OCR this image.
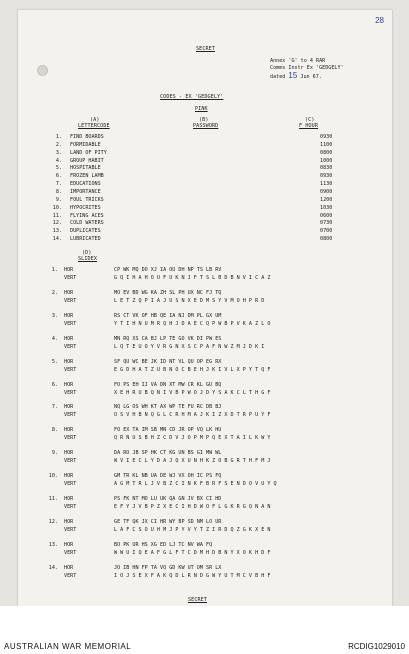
28
SECRET
Annex 'G' to 4 RAR
Comms Instr Ex 'GEDGELY'
dated 15 Jun 67.
CODES - EX 'GEDGELY'
PINK
(A)
LETTERCODE
(B)
PASSWORD
(C)
F HOUR
1. FIND BOARDS	0930
2. FORMIDABLE	1100
3. LAND OF PITY	0800
4. GROUP HABIT	1000
5. HOSPITABLE	0830
6. FROZEN LAMB	0930
7. EDUCATIONS	1130
8. IMPORTANCE	0900
9. FOUL TRICKS	1200
10. HYPOCRITES	1030
11. FLYING ACES	0600
12. COLD WATERS	0730
13. DUPLICATES	0700
14. LUBRICATED	0800
(D)
SLIDEX
1. HOR	CP WK MQ DO XJ IA OU DH NP TS LB RV
VERT	G Q I H A H O U F U K N J F T S L B D B N V I C A Z
2. HOR	MO EV BD WG KA ZH SL PH UX NC FJ TQ
VERT	L E T Z Q P I A J U S N X E D M S Y V M O H P R D
3. HOR	RS CT VK OF HB QE IA NJ DM PL GX UM
VERT	Y T I H N U M R Q H J D A E C Q P W B P V K A Z L O
4. HOR	MN RQ XS CA BJ LP TE GO VK DI PW ES
VERT	L Q T E U O Y V R G N X S C P A F N W Z M J D K I
5. HOR	SF QU WC BE JK ID NT VL QU OP EG RX
VERT	E G D H A T Z U B N O C B E H J K I V L X P Y T Q F
6. HOR	FO PS EH IJ VA DN XT MW CR KL GU BQ
VERT	X E H R U B Q N I V B P W O J D Y S A K C L T H G F
7. HOR	NQ LG OS WH KT AX WP TE FU RC DB BJ
VERT	O S V H B N Q G L C R H M A J K I Z X D T R P U Y F
8. HOR	FO EX TA IM SB MN CD JR OP VQ LK HU
VERT	Q R N U S B H Z C D V J O P M P Q E X T A I L K W Y
9. HOR	DA RO JB SP HK CT KG UN BS GI MW WL
VERT	W V I E C L Y D A J Q X U N H K Z O B G R T H F M J
10. HOR	GM TR KL NB UA DE WJ VX OH IC PS FQ
VERT	A G M T R L J V B Z C I N K F B R F S E N D O V U Y Q
11. HOR	PS FK NT MO LU UK QA GN JV BX CI HD
VERT	E F Y J V B P Z X E C I H D W O F L G K R G Q N A N
12. HOR	GE TF QK JX CI HR WY BP SD NM LO UR
VERT	L A F C S O U H M J P Y V Y T Z I R D Q Z G K X E N
13. HOR	BO PK UR HS XG ED LJ TC NV WA FQ
VERT	W W U I Q E A F G L F T C D M H D B N Y X O K H D F
14. HOR	JO IB HN FP TA VQ GD KW UT OM SR LX
VERT	I O J S E X F A K Q D L R N D G W Y U T M C V B H F
SECRET
AUSTRALIAN WAR MEMORIAL	RCDIG1029010
